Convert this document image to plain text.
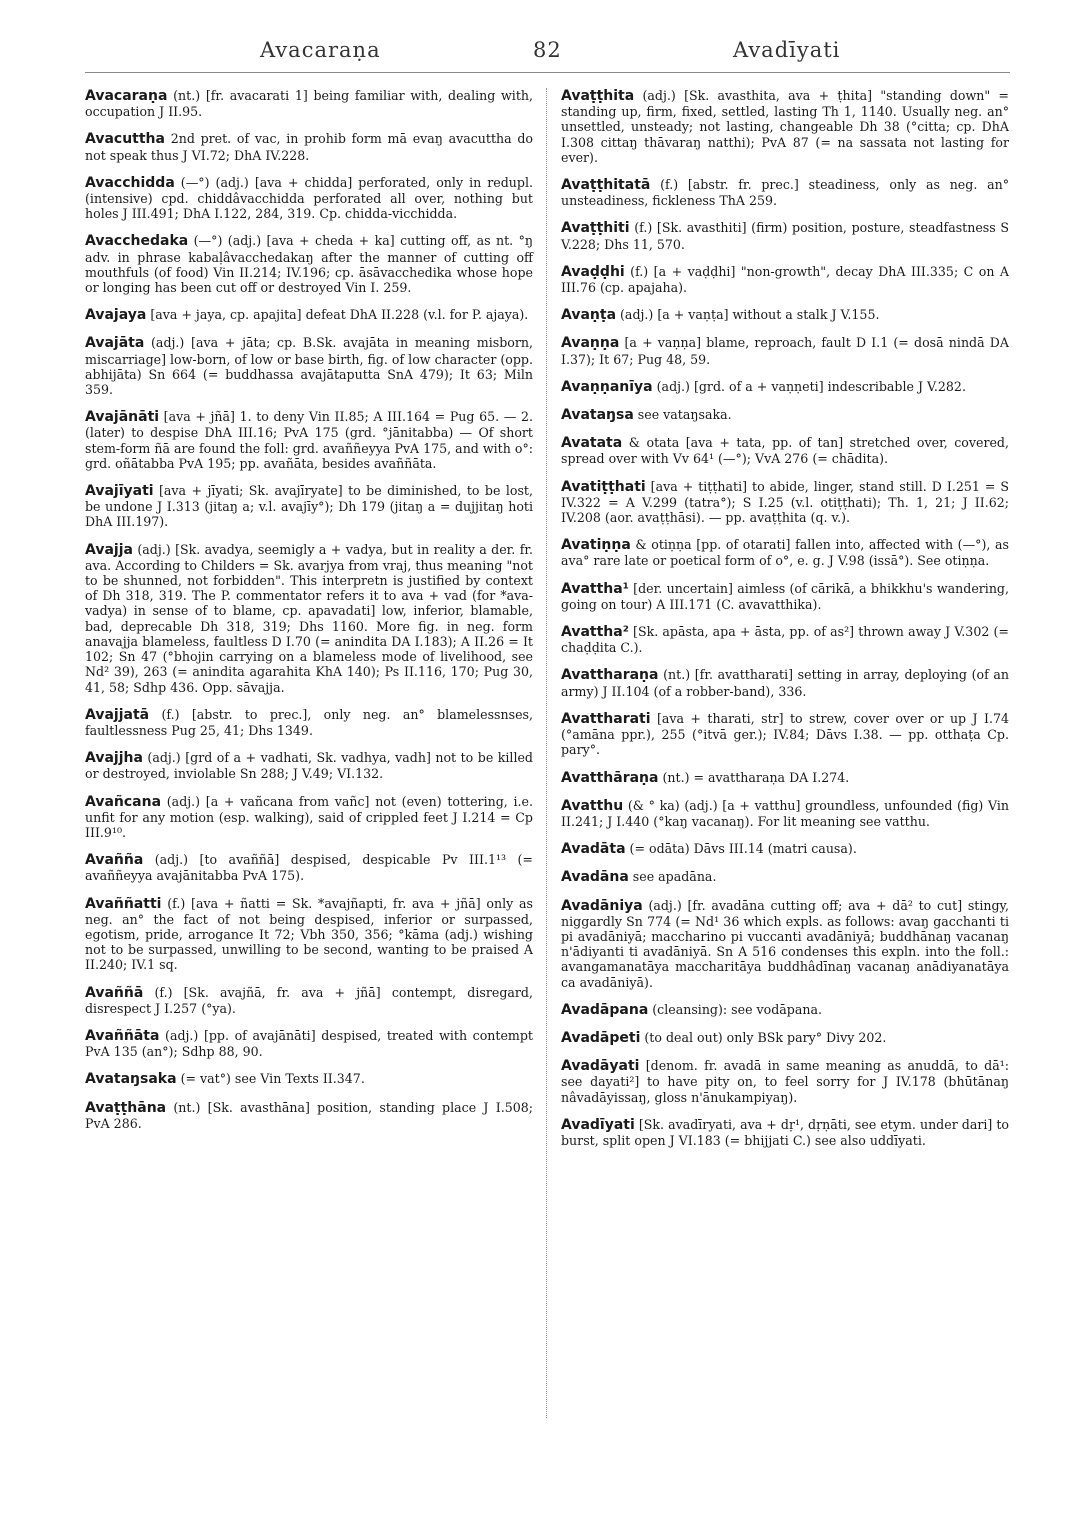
Avacaraṇa	82	Avadīyati

Avacaraṇa (nt.) [fr. avacarati 1] being familiar with, dealing with, occupation J II.95.

Avacuttha 2nd pret. of vac, in prohib form mā evaŋ avacuttha do not speak thus J VI.72; DhA IV.228.

Avacchidda (—°) (adj.) [ava + chidda] perforated, only in redupl. (intensive) cpd. chiddâvacchidda perforated all over, nothing but holes J III.491; DhA I.122, 284, 319. Cp. chidda-vicchidda.

Avacchedaka (—°) (adj.) [ava + cheda + ka] cutting off, as nt. °ŋ adv. in phrase kabaḷâvacchedakaŋ after the manner of cutting off mouthfuls (of food) Vin II.214; IV.196; cp. āsāvacchedika whose hope or longing has been cut off or destroyed Vin I. 259.

Avajaya [ava + jaya, cp. apajita] defeat DhA II.228 (v.l. for P. ajaya).

Avajāta (adj.) [ava + jāta; cp. B.Sk. avajāta in meaning misborn, miscarriage] low-born, of low or base birth, fig. of low character (opp. abhijāta) Sn 664 (= buddhassa avajātaputta SnA 479); It 63; Miln 359.

Avajānāti [ava + jñā] 1. to deny Vin II.85; A III.164 = Pug 65. — 2. (later) to despise DhA III.16; PvA 175 (grd. °jānitabba) — Of short stem-form ñā are found the foll: grd. avaññeyya PvA 175, and with o°: grd. oñātabba PvA 195; pp. avañāta, besides avaññāta.

Avajīyati [ava + jīyati; Sk. avajīryate] to be diminished, to be lost, be undone J I.313 (jitaŋ a; v.l. avajīy°); Dh 179 (jitaŋ a = dujjitaŋ hoti DhA III.197).

Avajja (adj.) [Sk. avadya, seemigly a + vadya, but in reality a der. fr. ava. According to Childers = Sk. avarjya from vraj, thus meaning "not to be shunned, not forbidden". This interpretn is justified by context of Dh 318, 319. The P. commentator refers it to ava + vad (for *ava-vadya) in sense of to blame, cp. apavadati] low, inferior, blamable, bad, deprecable Dh 318, 319; Dhs 1160. More fig. in neg. form anavajja blameless, faultless D I.70 (= anindita DA I.183); A II.26 = It 102; Sn 47 (°bhojin carrying on a blameless mode of livelihood, see Nd² 39), 263 (= anindita agarahita KhA 140); Ps II.116, 170; Pug 30, 41, 58; Sdhp 436. Opp. sāvajja.

Avajjatā (f.) [abstr. to prec.], only neg. an° blamelessnses, faultlessness Pug 25, 41; Dhs 1349.

Avajjha (adj.) [grd of a + vadhati, Sk. vadhya, vadh] not to be killed or destroyed, inviolable Sn 288; J V.49; VI.132.

Avañcana (adj.) [a + vañcana from vañc] not (even) tottering, i.e. unfit for any motion (esp. walking), said of crippled feet J I.214 = Cp III.9¹⁰.

Avañña (adj.) [to avaññā] despised, despicable Pv III.1¹³ (= avaññeyya avajānitabba PvA 175).

Avaññatti (f.) [ava + ñatti = Sk. *avajñapti, fr. ava + jñā] only as neg. an° the fact of not being despised, inferior or surpassed, egotism, pride, arrogance It 72; Vbh 350, 356; °kāma (adj.) wishing not to be surpassed, unwilling to be second, wanting to be praised A II.240; IV.1 sq.

Avaññā (f.) [Sk. avajñā, fr. ava + jñā] contempt, disregard, disrespect J I.257 (°ya).

Avaññāta (adj.) [pp. of avajānāti] despised, treated with contempt PvA 135 (an°); Sdhp 88, 90.

Avataŋsaka (= vat°) see Vin Texts II.347.

Avaṭṭhāna (nt.) [Sk. avasthāna] position, standing place J I.508; PvA 286.

Avaṭṭhita (adj.) [Sk. avasthita, ava + ṭhita] "standing down" = standing up, firm, fixed, settled, lasting Th 1, 1140. Usually neg. an° unsettled, unsteady; not lasting, changeable Dh 38 (°citta; cp. DhA I.308 cittaŋ thāvaraŋ natthi); PvA 87 (= na sassata not lasting for ever).

Avaṭṭhitatā (f.) [abstr. fr. prec.] steadiness, only as neg. an° unsteadiness, fickleness ThA 259.

Avaṭṭhiti (f.) [Sk. avasthiti] (firm) position, posture, steadfastness S V.228; Dhs 11, 570.

Avaḍḍhi (f.) [a + vaḍḍhi] "non-growth", decay DhA III.335; C on A III.76 (cp. apajaha).

Avaṇṭa (adj.) [a + vaṇṭa] without a stalk J V.155.

Avaṇṇa [a + vaṇṇa] blame, reproach, fault D I.1 (= dosā nindā DA I.37); It 67; Pug 48, 59.

Avaṇṇanīya (adj.) [grd. of a + vaṇṇeti] indescribable J V.282.

Avataŋsa see vataŋsaka.

Avatata & otata [ava + tata, pp. of tan] stretched over, covered, spread over with Vv 64¹ (—°); VvA 276 (= chādita).

Avatiṭṭhati [ava + tiṭṭhati] to abide, linger, stand still. D I.251 = S IV.322 = A V.299 (tatra°); S I.25 (v.l. otiṭṭhati); Th. 1, 21; J II.62; IV.208 (aor. avaṭṭhāsi). — pp. avaṭṭhita (q. v.).

Avatiṇṇa & otiṇṇa [pp. of otarati] fallen into, affected with (—°), as ava° rare late or poetical form of o°, e. g. J V.98 (issā°). See otiṇṇa.

Avattha¹ [der. uncertain] aimless (of cārikā, a bhikkhu's wandering, going on tour) A III.171 (C. avavatthika).

Avattha² [Sk. apāsta, apa + āsta, pp. of as²] thrown away J V.302 (= chaḍḍita C.).

Avattharaṇa (nt.) [fr. avattharati] setting in array, deploying (of an army) J II.104 (of a robber-band), 336.

Avattharati [ava + tharati, str] to strew, cover over or up J I.74 (°amāna ppr.), 255 (°itvā ger.); IV.84; Dāvs I.38. — pp. otthaṭa Cp. pary°.

Avatthāraṇa (nt.) = avattharaṇa DA I.274.

Avatthu (& ° ka) (adj.) [a + vatthu] groundless, unfounded (fig) Vin II.241; J I.440 (°kaŋ vacanaŋ). For lit meaning see vatthu.

Avadāta (= odāta) Dāvs III.14 (matri causa).

Avadāna see apadāna.

Avadāniya (adj.) [fr. avadāna cutting off; ava + dā² to cut] stingy, niggardly Sn 774 (= Nd¹ 36 which expls. as follows: avaŋ gacchanti ti pi avadāniyā; maccharino pi vuccanti avadāniyā; buddhānaŋ vacanaŋ n'ādiyanti ti avadāniyā. Sn A 516 condenses this expln. into the foll.: avangamanatāya maccharitāya buddhâdīnaŋ vacanaŋ anādiyanatāya ca avadāniyā).

Avadāpana (cleansing): see vodāpana.

Avadāpeti (to deal out) only BSk pary° Divy 202.

Avadāyati [denom. fr. avadā in same meaning as anuddā, to dā¹: see dayati²] to have pity on, to feel sorry for J IV.178 (bhūtānaŋ nâvadāyissaŋ, gloss n'ānukampiyaŋ).

Avadīyati [Sk. avadīryati, ava + dṛ¹, dṛṇāti, see etym. under dari] to burst, split open J VI.183 (= bhijjati C.) see also uddīyati.
